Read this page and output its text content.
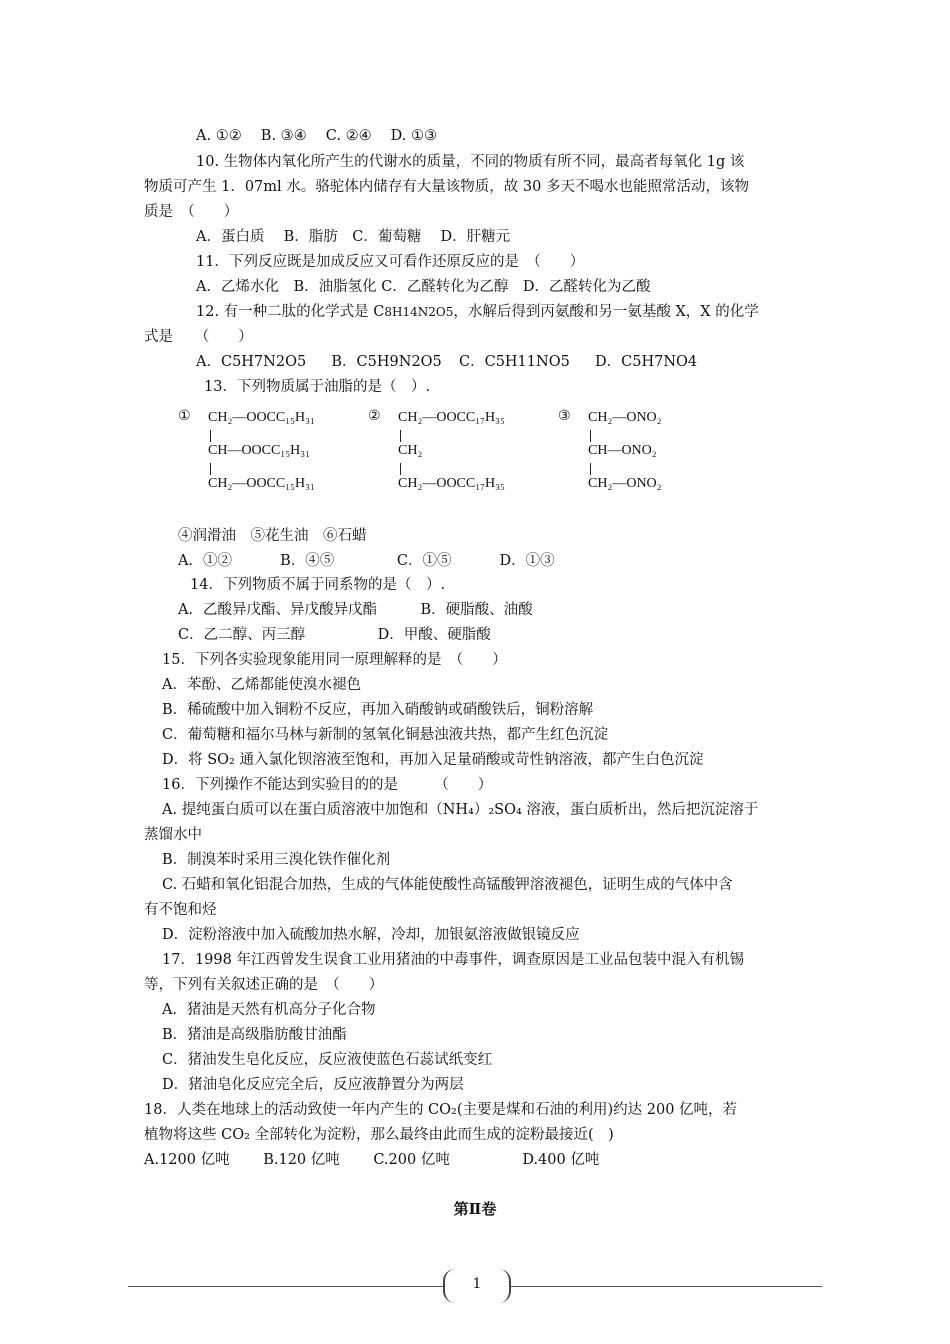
A. ①②　 B. ③④　 C. ②④　 D. ①③
10. 生物体内氧化所产生的代谢水的质量，不同的物质有所不同，最高者每氧化 1g 该
物质可产生 1．07ml 水。骆驼体内储存有大量该物质，故 30 多天不喝水也能照常活动，该物
质是　（　　）
A．蛋白质　 B．脂肪　C．葡萄糖　 D．肝糖元
11．下列反应既是加成反应又可看作还原反应的是　（　　）
A．乙烯水化　B．油脂氢化 C．乙醛转化为乙醇　D．乙醛转化为乙酸
12. 有一种二肽的化学式是 C8H14N2O5，水解后得到丙氨酸和另一氨基酸 X，X 的化学
式是　　（　　）
A．C5H7N2O5 B．C5H9N2O5 C．C5H11NO5 D．C5H7NO4
13．下列物质属于油脂的是（　）.
① CH₂—OOCC₁₅H₃₁
CH—OOCC₁₅H₃₁
CH₂—OOCC₁₅H₃₁
② CH₂—OOCC₁₇H₃₅
CH₂
CH₂—OOCC₁₇H₃₅
③ CH₂—ONO₂
CH—ONO₂
CH₂—ONO₂
④润滑油　⑤花生油　⑥石蜡
A．①②　　　 B．④⑤　　　　 C．①⑤　　　 D．①③
14．下列物质不属于同系物的是（　）.
A．乙酸异戊酯、异戊酸异戊酯　　　B．硬脂酸、油酸
C．乙二醇、丙三醇　　　　　D．甲酸、硬脂酸
15．下列各实验现象能用同一原理解释的是　（　　）
A．苯酚、乙烯都能使溴水褪色
B．稀硫酸中加入铜粉不反应，再加入硝酸钠或硝酸铁后，铜粉溶解
C．葡萄糖和福尔马林与新制的氢氧化铜悬浊液共热，都产生红色沉淀
D．将 SO₂ 通入氯化钡溶液至饱和，再加入足量硝酸或苛性钠溶液，都产生白色沉淀
16．下列操作不能达到实验目的的是　　　（　　）
A. 提纯蛋白质可以在蛋白质溶液中加饱和（NH₄）₂SO₄ 溶液，蛋白质析出，然后把沉淀溶于
蒸馏水中
B．制溴苯时采用三溴化铁作催化剂
C. 石蜡和氧化铝混合加热，生成的气体能使酸性高锰酸钾溶液褪色，证明生成的气体中含
有不饱和烃
D．淀粉溶液中加入硫酸加热水解，冷却，加银氨溶液做银镜反应
17．1998 年江西曾发生误食工业用猪油的中毒事件，调查原因是工业品包装中混入有机锡
等，下列有关叙述正确的是　（　　）
A．猪油是天然有机高分子化合物
B．猪油是高级脂肪酸甘油酯
C．猪油发生皂化反应，反应液使蓝色石蕊试纸变红
D．猪油皂化反应完全后，反应液静置分为两层
18．人类在地球上的活动致使一年内产生的 CO₂(主要是煤和石油的利用)约达 200 亿吨，若
植物将这些 CO₂ 全部转化为淀粉，那么最终由此而生成的淀粉最接近(　)
A.1200 亿吨　　 B.120 亿吨　　 C.200 亿吨　　　　　D.400 亿吨
第Ⅱ卷
1
